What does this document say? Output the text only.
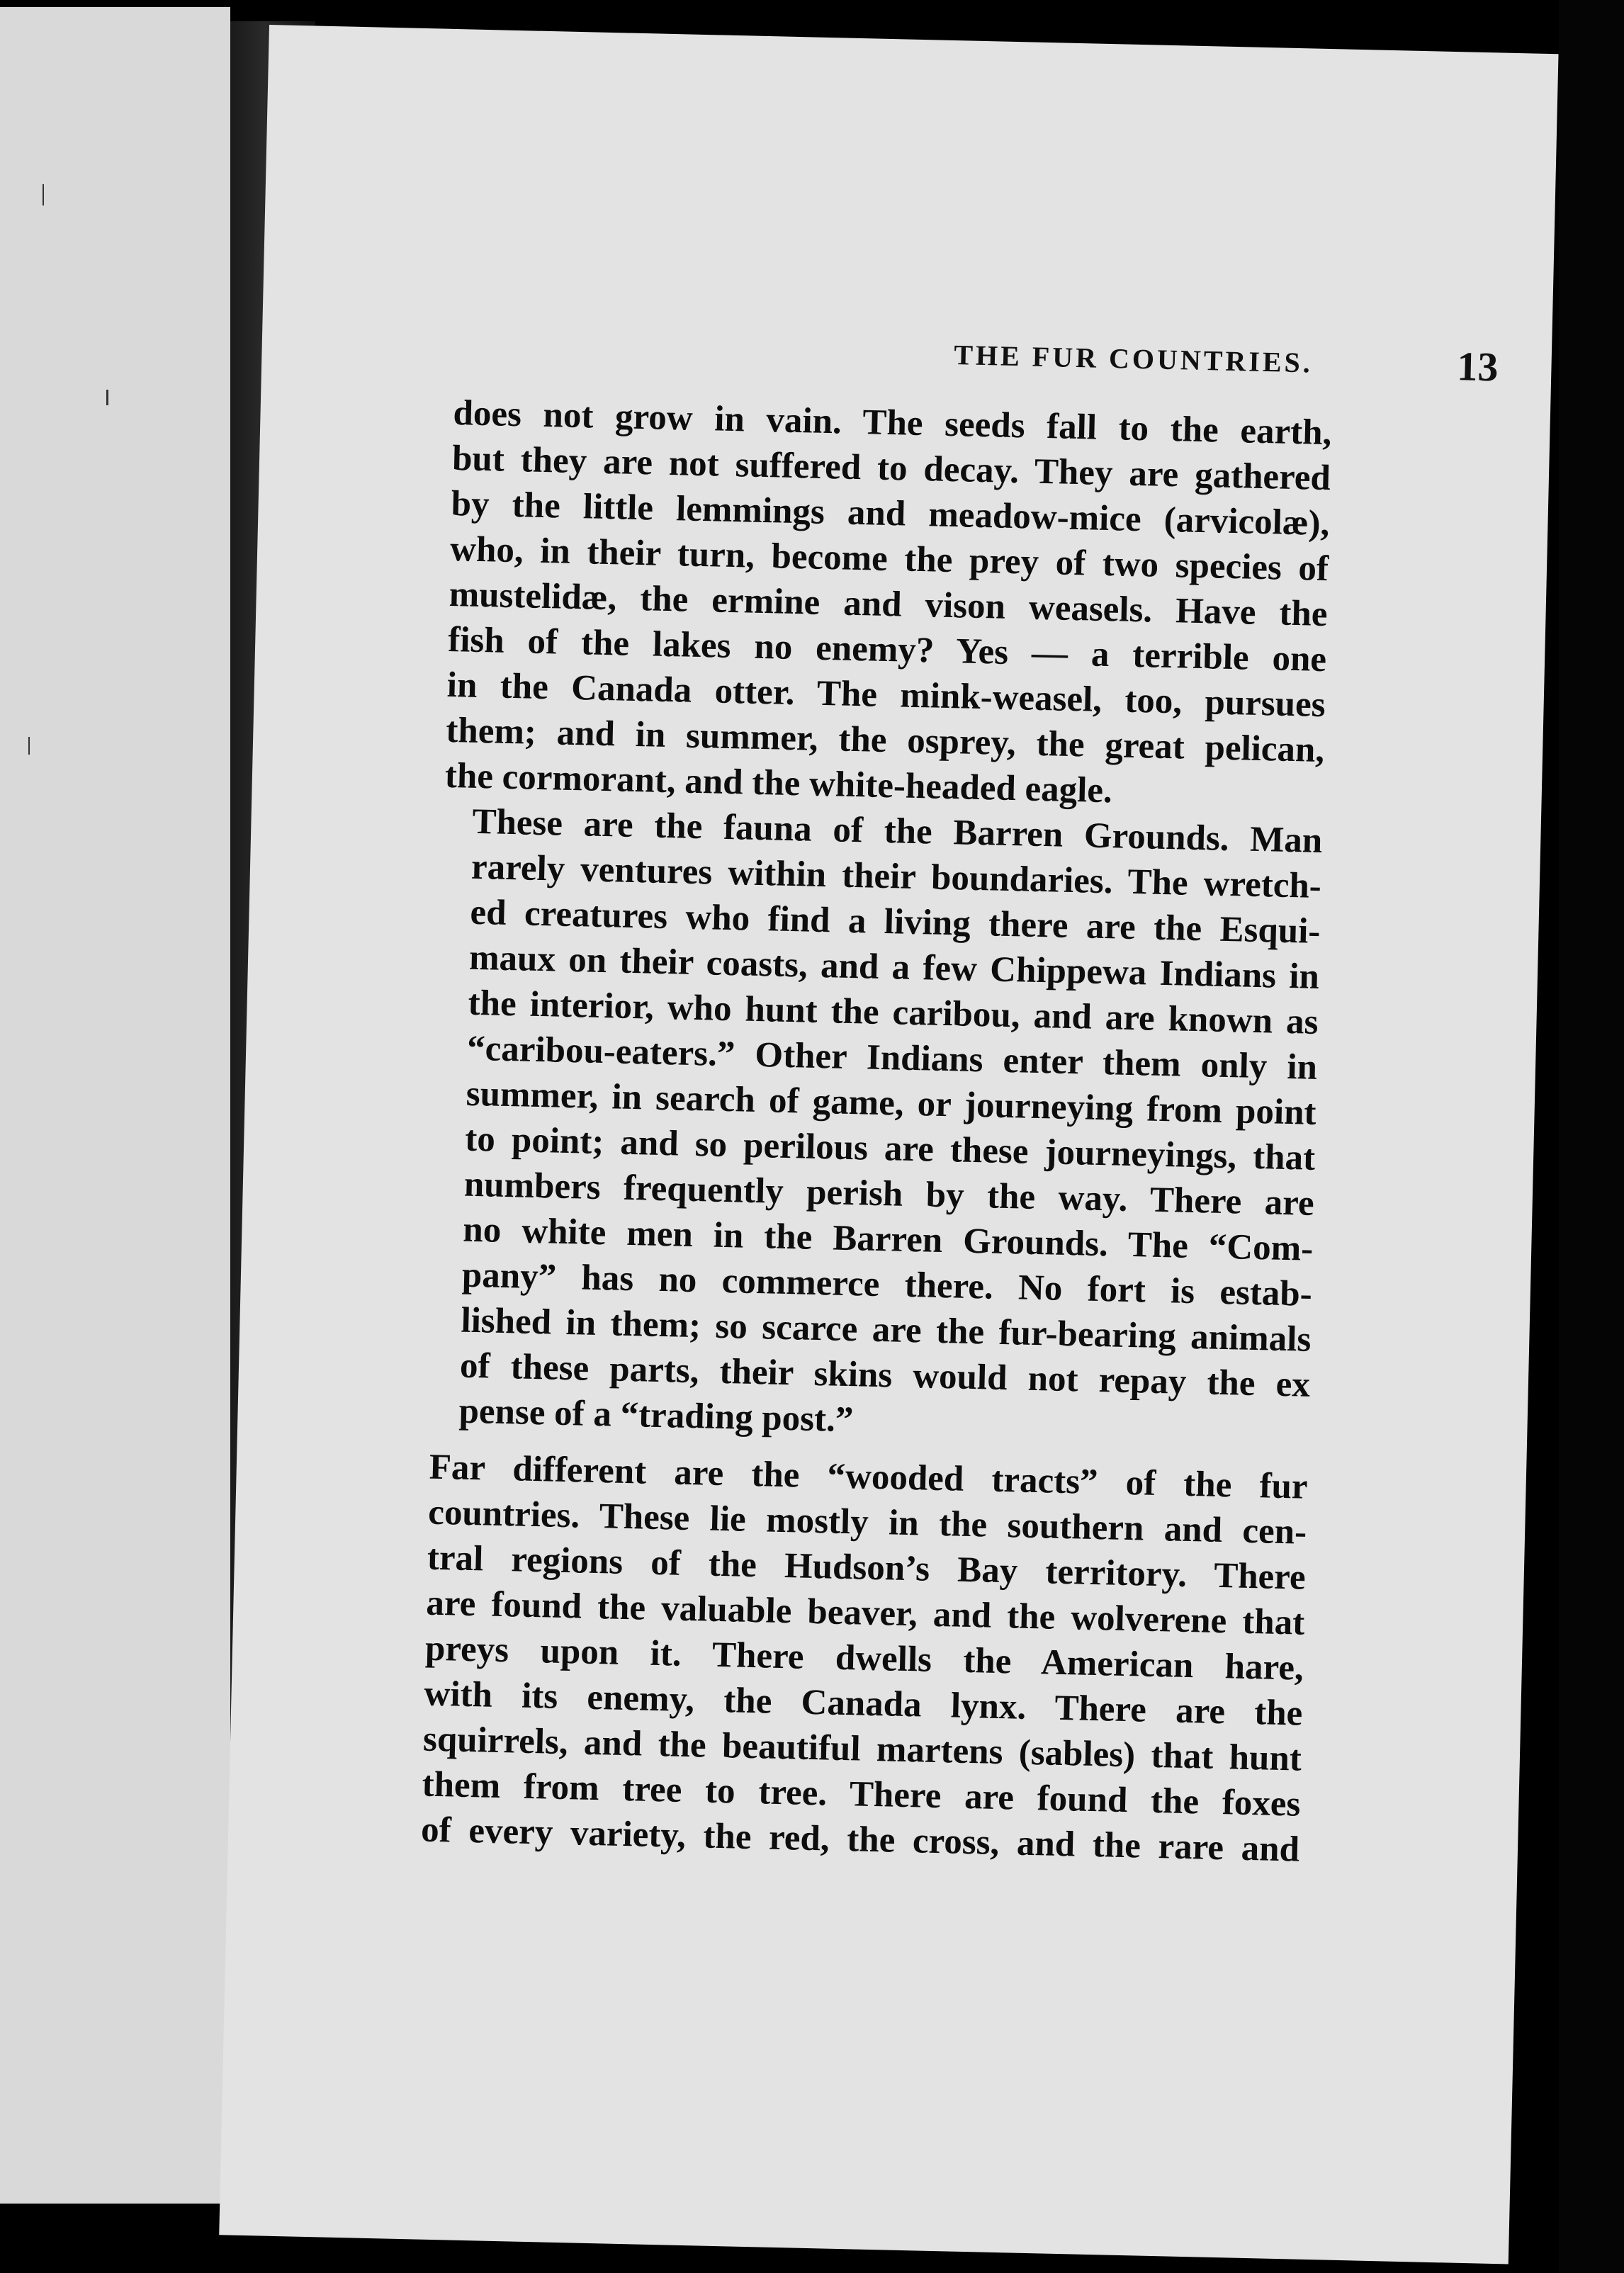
THE FUR COUNTRIES.	13
does not grow in vain. The seeds fall to the earth,
but they are not suffered to decay. They are gathered
by the little lemmings and meadow-mice (arvicolæ),
who, in their turn, become the prey of two species of
mustelidæ, the ermine and vison weasels. Have the
fish of the lakes no enemy? Yes — a terrible one
in the Canada otter. The mink-weasel, too, pursues
them; and in summer, the osprey, the great pelican,
the cormorant, and the white-headed eagle.
These are the fauna of the Barren Grounds. Man
rarely ventures within their boundaries. The wretch-
ed creatures who find a living there are the Esqui-
maux on their coasts, and a few Chippewa Indians in
the interior, who hunt the caribou, and are known as
“caribou-eaters.” Other Indians enter them only in
summer, in search of game, or journeying from point
to point; and so perilous are these journeyings, that
numbers frequently perish by the way. There are
no white men in the Barren Grounds. The “Com-
pany” has no commerce there. No fort is estab-
lished in them; so scarce are the fur-bearing animals
of these parts, their skins would not repay the ex
pense of a “trading post.”
Far different are the “wooded tracts” of the fur
countries. These lie mostly in the southern and cen-
tral regions of the Hudson’s Bay territory. There
are found the valuable beaver, and the wolverene that
preys upon it. There dwells the American hare,
with its enemy, the Canada lynx. There are the
squirrels, and the beautiful martens (sables) that hunt
them from tree to tree. There are found the foxes
of every variety, the red, the cross, and the rare and
